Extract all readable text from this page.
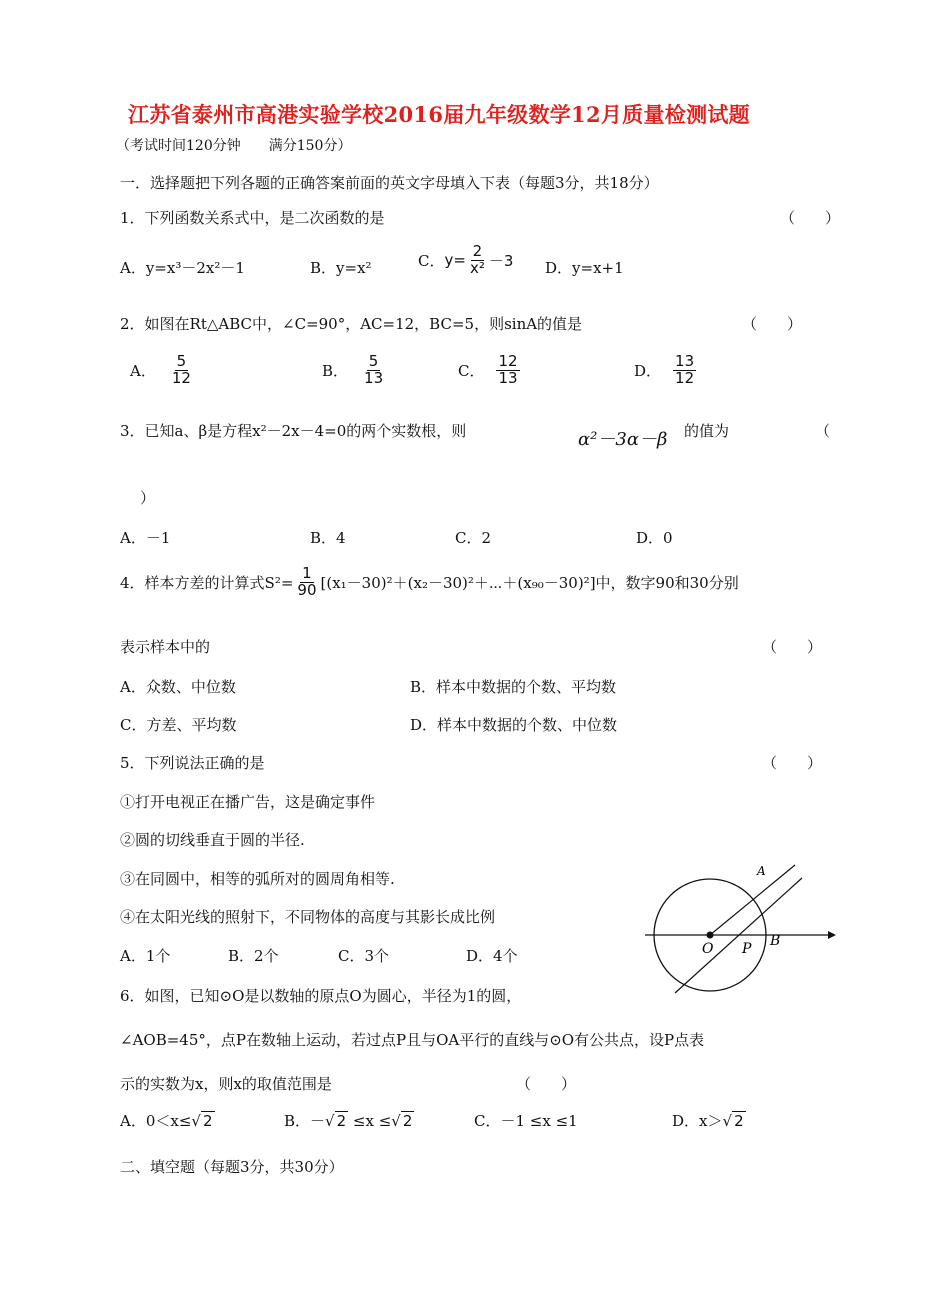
江苏省泰州市高港实验学校2016届九年级数学12月质量检测试题
（考试时间120分钟　　满分150分）
一．选择题把下列各题的正确答案前面的英文字母填入下表（每题3分，共18分）
1．下列函数关系式中，是二次函数的是	（　　）
A．y=x³－2x²－1	B．y=x²	C． $y= \frac{2}{\text{x²}} -3$ D．y=x+1
2．如图在Rt△ABC中，∠C=90°，AC=12，BC=5，则sinA的值是	（　　）
A． $\frac{5}{12}$	B． $\frac{5}{13}$	C． $\frac{12}{13}$	D． $\frac{13}{12}$
3．已知a、β是方程x²－2x－4=0的两个实数根，则	α²－3α－β 的值为	（
）
A．－1	B．4	C．2	D．0
4．样本方差的计算式$S^2= \frac{1}{90}$ [(x₁－30)²＋(x₂－30)²＋⋯＋(x₉₀－30)²]中，数字90和30分别
表示样本中的	（　　）
A．众数、中位数	B．样本中数据的个数、平均数
C．方差、平均数	D．样本中数据的个数、中位数
5．下列说法正确的是	（　　）
①打开电视正在播广告，这是确定事件
②圆的切线垂直于圆的半径.
③在同圆中，相等的弧所对的圆周角相等.
④在太阳光线的照射下，不同物体的高度与其影长成比例
A．1个	B．2个	C．3个	D．4个	O P B
A
6．如图，已知⊙O是以数轴的原点O为圆心，半径为1的圆，
∠AOB=45°，点P在数轴上运动，若过点P且与OA平行的直线与⊙O有公共点，设P点表
示的实数为x，则x的取值范围是	（　　）
A．0＜x≤√ 2	B．－√ 2 ≤x ≤√ 2	C．－1 ≤x ≤1	D．x＞√ 2
二、填空题（每题3分，共30分）
